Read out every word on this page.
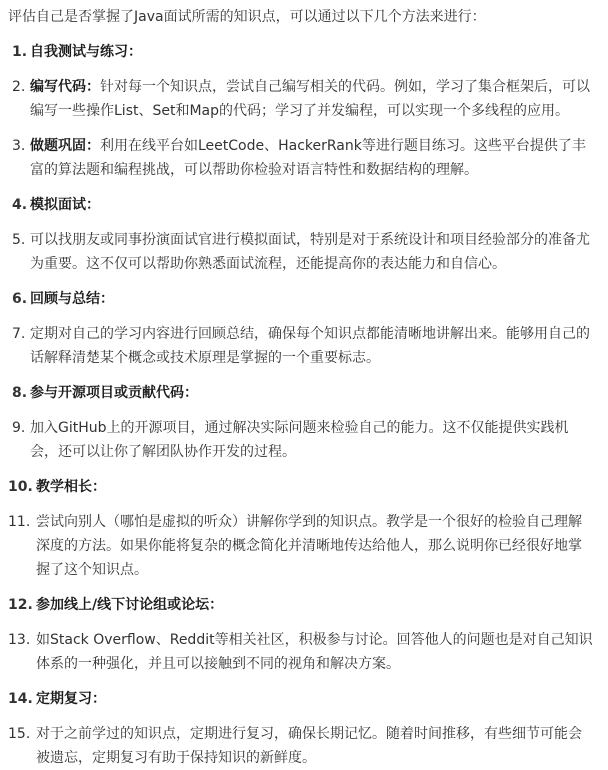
评估自己是否掌握了Java面试所需的知识点，可以通过以下几个方法来进行：

1. 自我测试与练习：
2. 编写代码：针对每一个知识点，尝试自己编写相关的代码。例如，学习了集合框架后，可以编写一些操作List、Set和Map的代码；学习了并发编程，可以实现一个多线程的应用。
3. 做题巩固：利用在线平台如LeetCode、HackerRank等进行题目练习。这些平台提供了丰富的算法题和编程挑战，可以帮助你检验对语言特性和数据结构的理解。
4. 模拟面试：
5. 可以找朋友或同事扮演面试官进行模拟面试，特别是对于系统设计和项目经验部分的准备尤为重要。这不仅可以帮助你熟悉面试流程，还能提高你的表达能力和自信心。
6. 回顾与总结：
7. 定期对自己的学习内容进行回顾总结，确保每个知识点都能清晰地讲解出来。能够用自己的话解释清楚某个概念或技术原理是掌握的一个重要标志。
8. 参与开源项目或贡献代码：
9. 加入GitHub上的开源项目，通过解决实际问题来检验自己的能力。这不仅能提供实践机会，还可以让你了解团队协作开发的过程。
10. 教学相长：
11. 尝试向别人（哪怕是虚拟的听众）讲解你学到的知识点。教学是一个很好的检验自己理解深度的方法。如果你能将复杂的概念简化并清晰地传达给他人，那么说明你已经很好地掌握了这个知识点。
12. 参加线上/线下讨论组或论坛：
13. 如Stack Overflow、Reddit等相关社区，积极参与讨论。回答他人的问题也是对自己知识体系的一种强化，并且可以接触到不同的视角和解决方案。
14. 定期复习：
15. 对于之前学过的知识点，定期进行复习，确保长期记忆。随着时间推移，有些细节可能会被遗忘，定期复习有助于保持知识的新鲜度。
